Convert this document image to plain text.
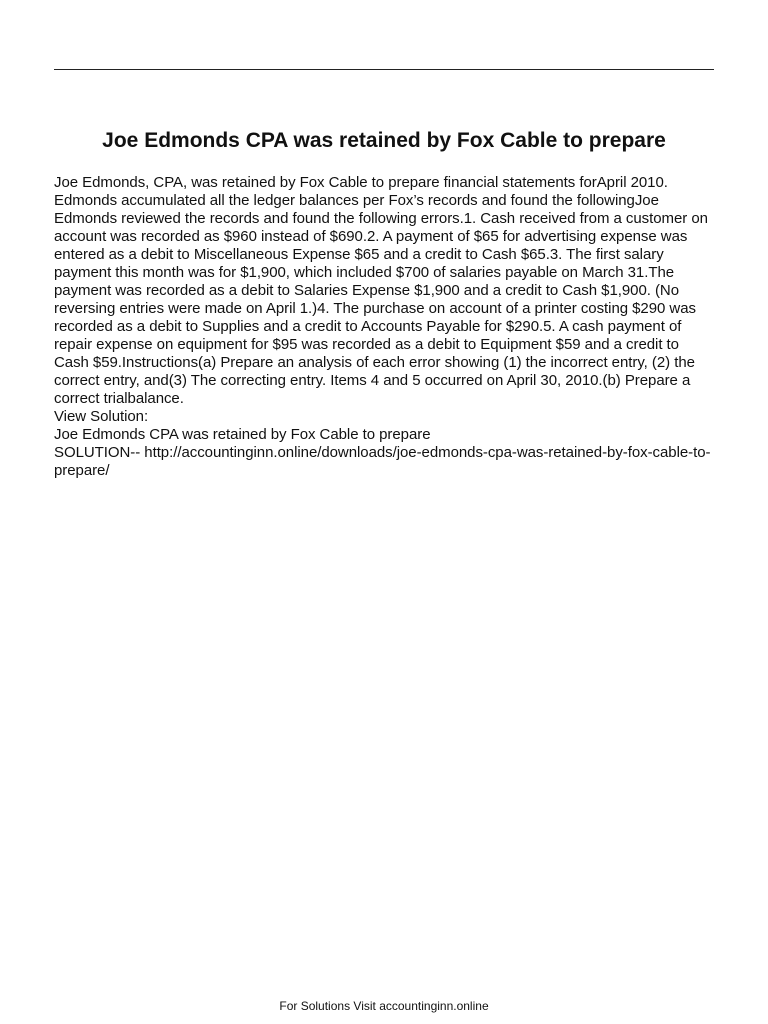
Joe Edmonds CPA was retained by Fox Cable to prepare

Joe Edmonds, CPA, was retained by Fox Cable to prepare financial statements forApril 2010. Edmonds accumulated all the ledger balances per Fox’s records and found the followingJoe Edmonds reviewed the records and found the following errors.1. Cash received from a customer on account was recorded as $960 instead of $690.2. A payment of $65 for advertising expense was entered as a debit to Miscellaneous Expense $65 and a credit to Cash $65.3. The first salary payment this month was for $1,900, which included $700 of salaries payable on March 31.The payment was recorded as a debit to Salaries Expense $1,900 and a credit to Cash $1,900. (No reversing entries were made on April 1.)4. The purchase on account of a printer costing $290 was recorded as a debit to Supplies and a credit to Accounts Payable for $290.5. A cash payment of repair expense on equipment for $95 was recorded as a debit to Equipment $59 and a credit to Cash $59.Instructions(a) Prepare an analysis of each error showing (1) the incorrect entry, (2) the correct entry, and(3) The correcting entry. Items 4 and 5 occurred on April 30, 2010.(b) Prepare a correct trialbalance.

View Solution:
Joe Edmonds CPA was retained by Fox Cable to prepare
SOLUTION-- http://accountinginn.online/downloads/joe-edmonds-cpa-was-retained-by-fox-cable-to-prepare/
For Solutions Visit accountinginn.online
